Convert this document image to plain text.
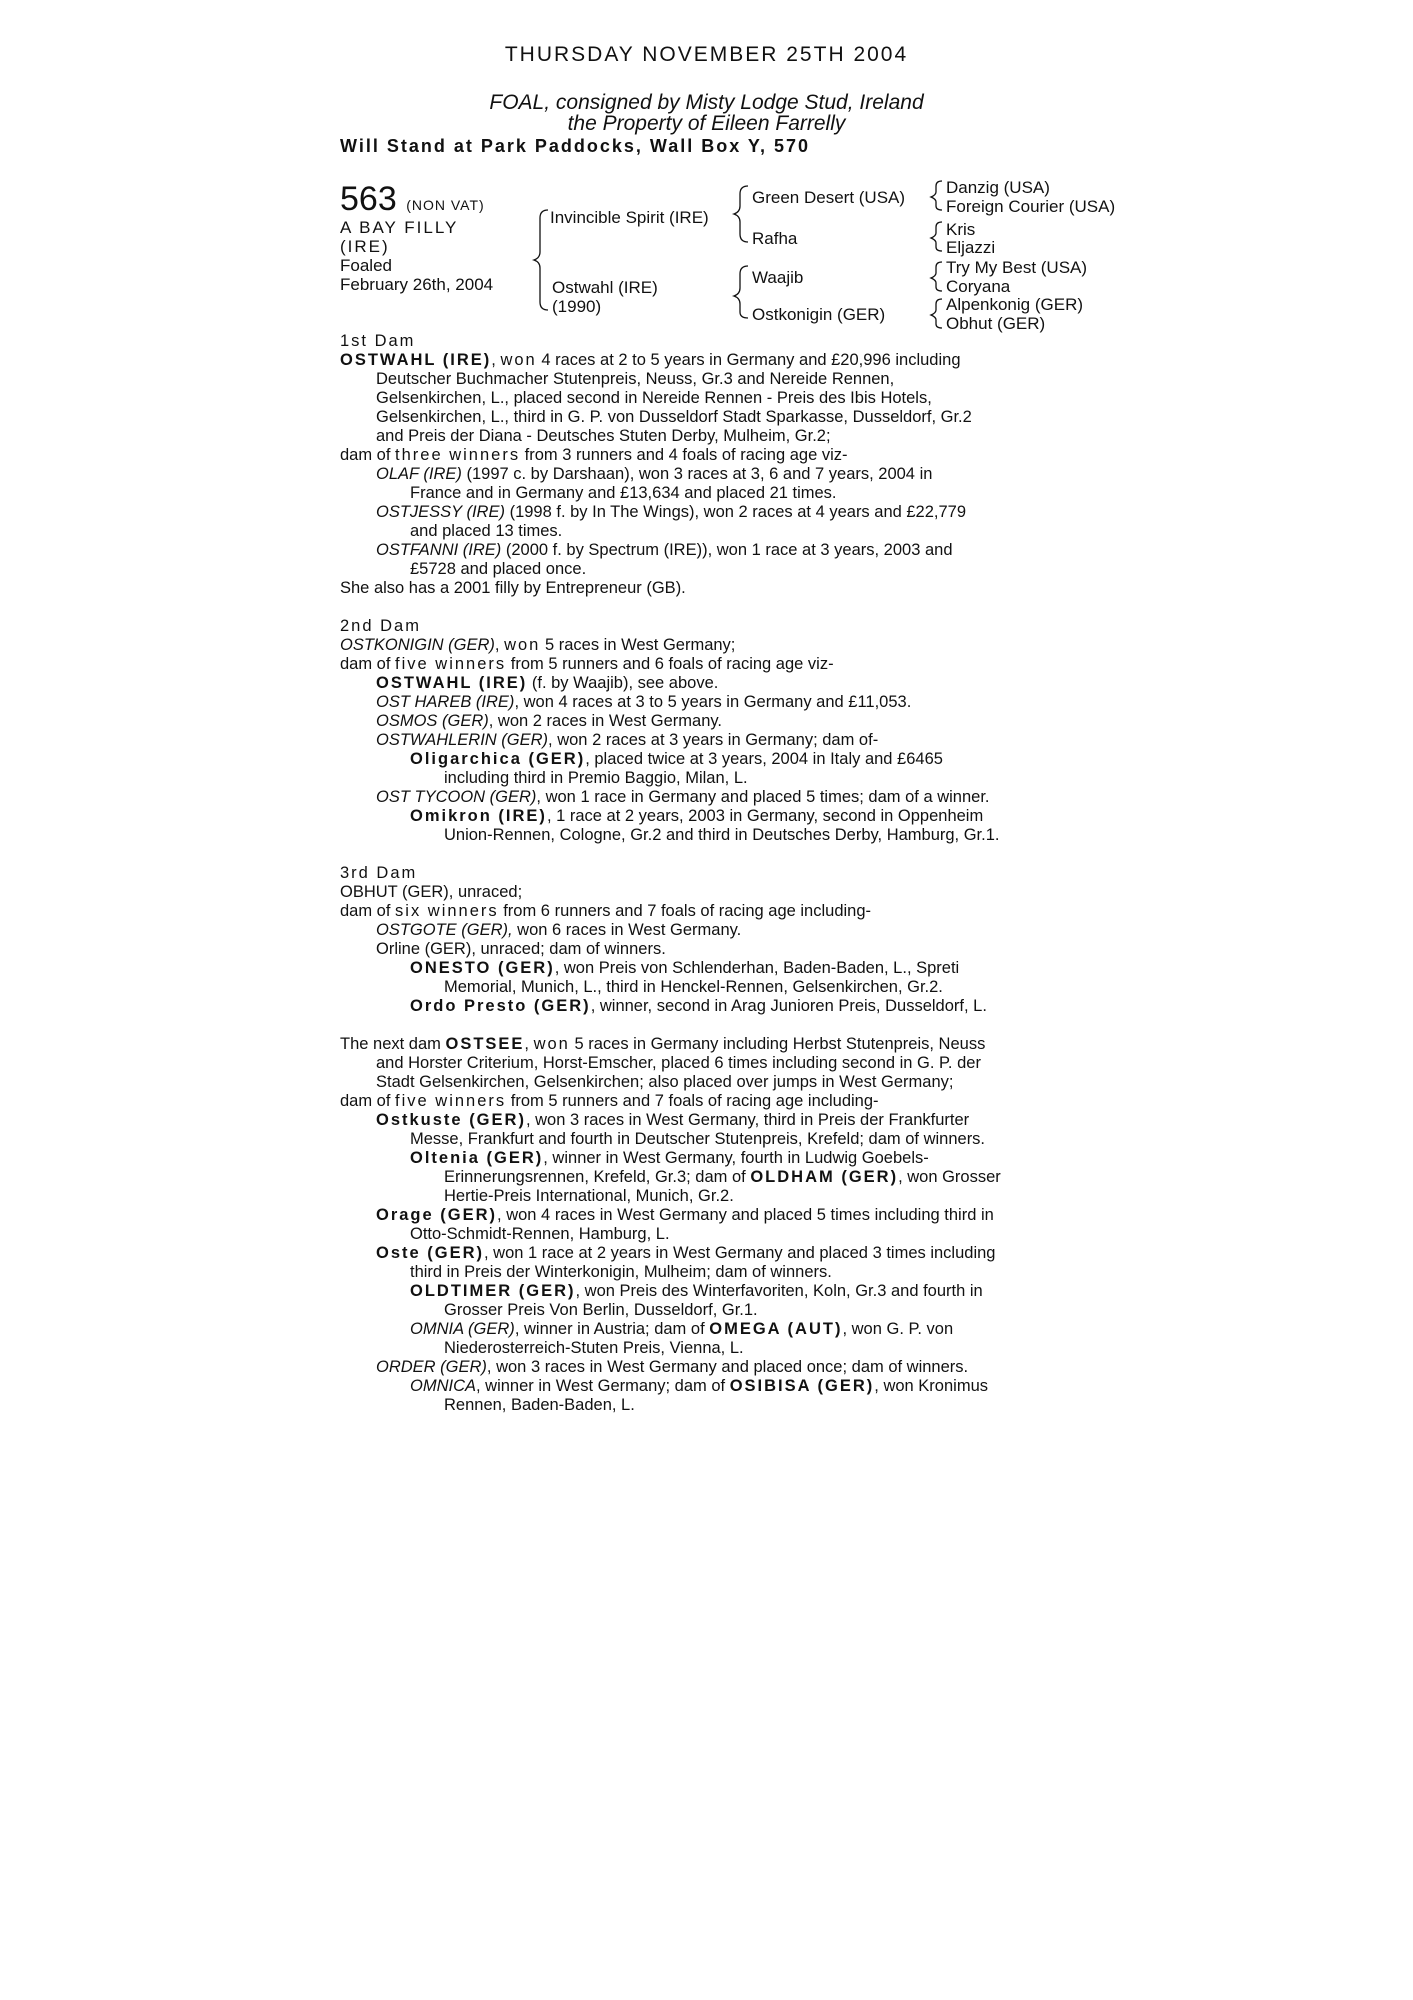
THURSDAY NOVEMBER 25TH 2004
FOAL, consigned by Misty Lodge Stud, Ireland
the Property of Eileen Farrelly
Will Stand at Park Paddocks, Wall Box Y, 570
563 (NON VAT)
A BAY FILLY
(IRE)
Foaled
February 26th, 2004
Invincible Spirit (IRE)
Ostwahl (IRE)
(1990)
Green Desert (USA)
Rafha
Waajib
Ostkonigin (GER)
Danzig (USA)
Foreign Courier (USA)
Kris
Eljazzi
Try My Best (USA)
Coryana
Alpenkonig (GER)
Obhut (GER)
1st Dam
OSTWAHL (IRE), won 4 races at 2 to 5 years in Germany and £20,996 including
Deutscher Buchmacher Stutenpreis, Neuss, Gr.3 and Nereide Rennen,
Gelsenkirchen, L., placed second in Nereide Rennen - Preis des Ibis Hotels,
Gelsenkirchen, L., third in G. P. von Dusseldorf Stadt Sparkasse, Dusseldorf, Gr.2
and Preis der Diana - Deutsches Stuten Derby, Mulheim, Gr.2;
dam of three winners from 3 runners and 4 foals of racing age viz-
OLAF (IRE) (1997 c. by Darshaan), won 3 races at 3, 6 and 7 years, 2004 in
France and in Germany and £13,634 and placed 21 times.
OSTJESSY (IRE) (1998 f. by In The Wings), won 2 races at 4 years and £22,779
and placed 13 times.
OSTFANNI (IRE) (2000 f. by Spectrum (IRE)), won 1 race at 3 years, 2003 and
£5728 and placed once.
She also has a 2001 filly by Entrepreneur (GB).
2nd Dam
OSTKONIGIN (GER), won 5 races in West Germany;
dam of five winners from 5 runners and 6 foals of racing age viz-
OSTWAHL (IRE) (f. by Waajib), see above.
OST HAREB (IRE), won 4 races at 3 to 5 years in Germany and £11,053.
OSMOS (GER), won 2 races in West Germany.
OSTWAHLERIN (GER), won 2 races at 3 years in Germany; dam of-
Oligarchica (GER), placed twice at 3 years, 2004 in Italy and £6465
including third in Premio Baggio, Milan, L.
OST TYCOON (GER), won 1 race in Germany and placed 5 times; dam of a winner.
Omikron (IRE), 1 race at 2 years, 2003 in Germany, second in Oppenheim
Union-Rennen, Cologne, Gr.2 and third in Deutsches Derby, Hamburg, Gr.1.
3rd Dam
OBHUT (GER), unraced;
dam of six winners from 6 runners and 7 foals of racing age including-
OSTGOTE (GER), won 6 races in West Germany.
Orline (GER), unraced; dam of winners.
ONESTO (GER), won Preis von Schlenderhan, Baden-Baden, L., Spreti
Memorial, Munich, L., third in Henckel-Rennen, Gelsenkirchen, Gr.2.
Ordo Presto (GER), winner, second in Arag Junioren Preis, Dusseldorf, L.
The next dam OSTSEE, won 5 races in Germany including Herbst Stutenpreis, Neuss
and Horster Criterium, Horst-Emscher, placed 6 times including second in G. P. der
Stadt Gelsenkirchen, Gelsenkirchen; also placed over jumps in West Germany;
dam of five winners from 5 runners and 7 foals of racing age including-
Ostkuste (GER), won 3 races in West Germany, third in Preis der Frankfurter
Messe, Frankfurt and fourth in Deutscher Stutenpreis, Krefeld; dam of winners.
Oltenia (GER), winner in West Germany, fourth in Ludwig Goebels-
Erinnerungsrennen, Krefeld, Gr.3; dam of OLDHAM (GER), won Grosser
Hertie-Preis International, Munich, Gr.2.
Orage (GER), won 4 races in West Germany and placed 5 times including third in
Otto-Schmidt-Rennen, Hamburg, L.
Oste (GER), won 1 race at 2 years in West Germany and placed 3 times including
third in Preis der Winterkonigin, Mulheim; dam of winners.
OLDTIMER (GER), won Preis des Winterfavoriten, Koln, Gr.3 and fourth in
Grosser Preis Von Berlin, Dusseldorf, Gr.1.
OMNIA (GER), winner in Austria; dam of OMEGA (AUT), won G. P. von
Niederosterreich-Stuten Preis, Vienna, L.
ORDER (GER), won 3 races in West Germany and placed once; dam of winners.
OMNICA, winner in West Germany; dam of OSIBISA (GER), won Kronimus
Rennen, Baden-Baden, L.
